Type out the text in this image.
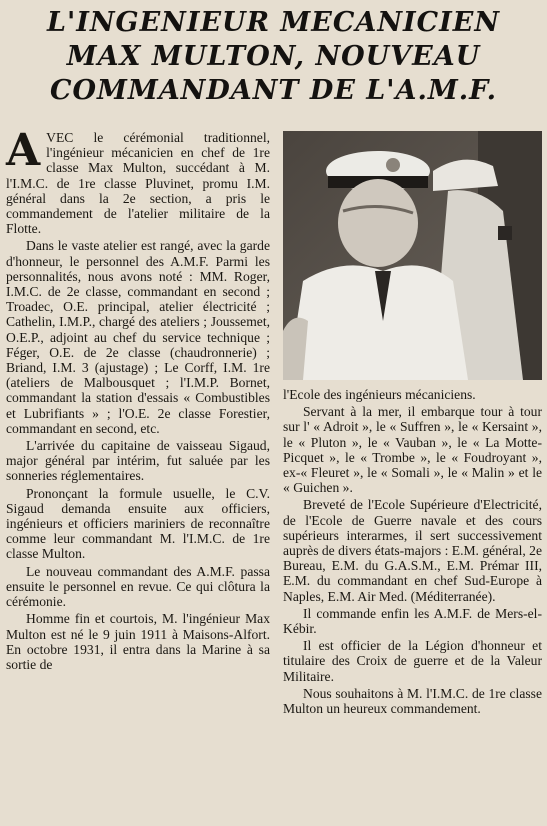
L'INGENIEUR MECANICIEN
MAX MULTON, NOUVEAU
COMMANDANT DE L'A.M.F.

AVEC le cérémonial traditionnel, l'ingénieur mécanicien en chef de 1re classe Max Multon, succédant à M. l'I.M.C. de 1re classe Pluvinet, promu I.M. général dans la 2e section, a pris le commandement de l'atelier militaire de la Flotte.

Dans le vaste atelier est rangé, avec la garde d'honneur, le personnel des A.M.F. Parmi les personnalités, nous avons noté : MM. Roger, I.M.C. de 2e classe, commandant en second ; Troadec, O.E. principal, atelier électricité ; Cathelin, I.M.P., chargé des ateliers ; Joussemet, O.E.P., adjoint au chef du service technique ; Féger, O.E. de 2e classe (chaudronnerie) ; Briand, I.M. 3 (ajustage) ; Le Corff, I.M. 1re (ateliers de Malbousquet ; l'I.M.P. Bornet, commandant la station d'essais « Combustibles et Lubrifiants » ; l'O.E. 2e classe Forestier, commandant en second, etc.

L'arrivée du capitaine de vaisseau Sigaud, major général par intérim, fut saluée par les sonneries réglementaires.

Prononçant la formule usuelle, le C.V. Sigaud demanda ensuite aux officiers, ingénieurs et officiers mariniers de reconnaître comme leur commandant M. l'I.M.C. de 1re classe Multon.

Le nouveau commandant des A.M.F. passa ensuite le personnel en revue. Ce qui clôtura la cérémonie.

Homme fin et courtois, M. l'ingénieur Max Multon est né le 9 juin 1911 à Maisons-Alfort. En octobre 1931, il entra dans la Marine à sa sortie de

l'Ecole des ingénieurs mécaniciens.

Servant à la mer, il embarque tour à tour sur l' « Adroit », le « Suffren », le « Kersaint », le « Pluton », le « Vauban », le « La Motte-Picquet », le « Trombe », le « Foudroyant », ex-« Fleuret », le « Somali », le « Malin » et le « Guichen ».

Breveté de l'Ecole Supérieure d'Electricité, de l'Ecole de Guerre navale et des cours supérieurs interarmes, il sert successivement auprès de divers états-majors : E.M. général, 2e Bureau, E.M. du G.A.S.M., E.M. Prémar III, E.M. du commandant en chef Sud-Europe à Naples, E.M. Air Med. (Méditerranée).

Il commande enfin les A.M.F. de Mers-el-Kébir.

Il est officier de la Légion d'honneur et titulaire des Croix de guerre et de la Valeur Militaire.

Nous souhaitons à M. l'I.M.C. de 1re classe Multon un heureux commandement.
